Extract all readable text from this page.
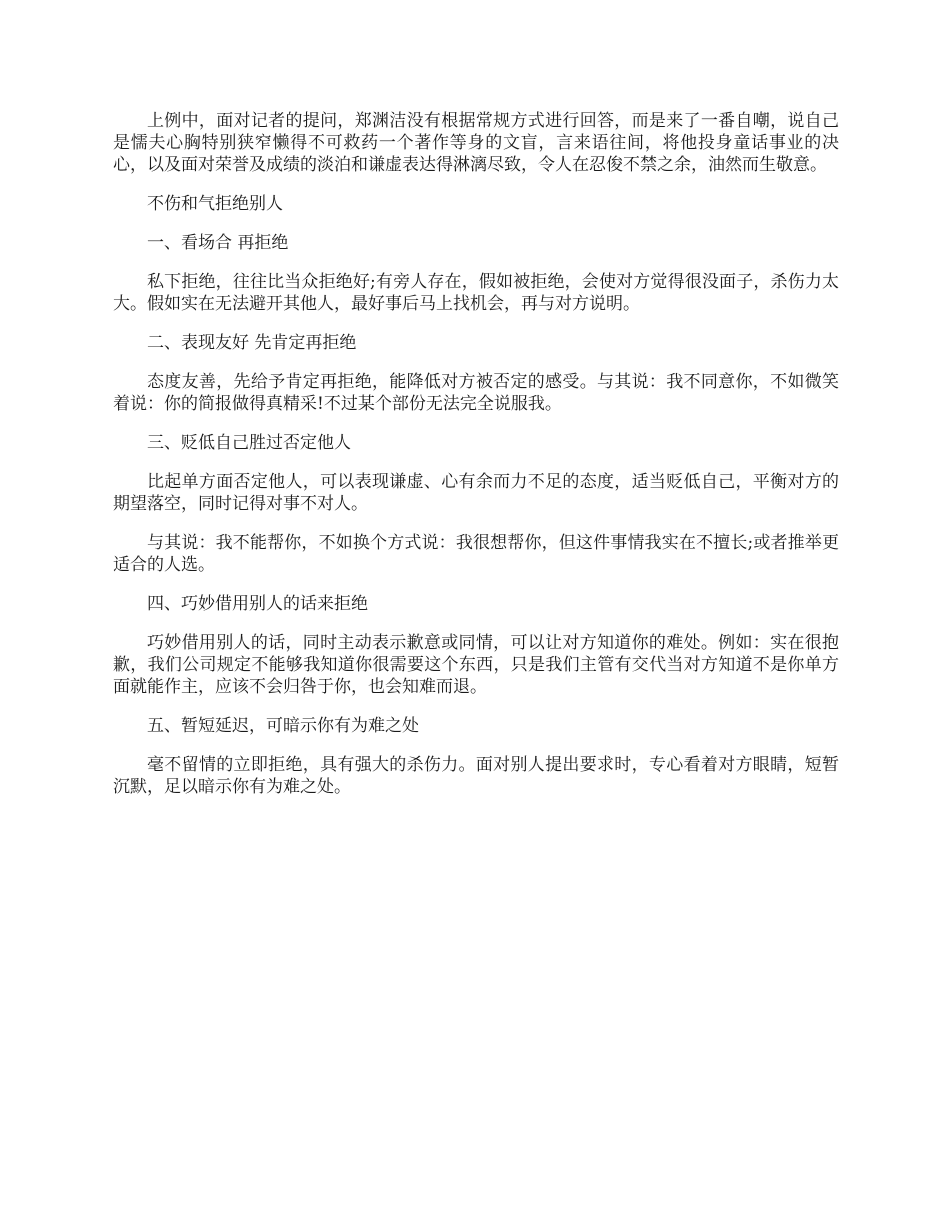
上例中，面对记者的提问，郑渊洁没有根据常规方式进行回答，而是来了一番自嘲，说自己是懦夫心胸特别狭窄懒得不可救药一个著作等身的文盲，言来语往间，将他投身童话事业的决心，以及面对荣誉及成绩的淡泊和谦虚表达得淋漓尽致，令人在忍俊不禁之余，油然而生敬意。

不伤和气拒绝别人

一、看场合 再拒绝

私下拒绝，往往比当众拒绝好;有旁人存在，假如被拒绝，会使对方觉得很没面子，杀伤力太大。假如实在无法避开其他人，最好事后马上找机会，再与对方说明。

二、表现友好 先肯定再拒绝

态度友善，先给予肯定再拒绝，能降低对方被否定的感受。与其说：我不同意你，不如微笑着说：你的简报做得真精采!不过某个部份无法完全说服我。

三、贬低自己胜过否定他人

比起单方面否定他人，可以表现谦虚、心有余而力不足的态度，适当贬低自己，平衡对方的期望落空，同时记得对事不对人。

与其说：我不能帮你，不如换个方式说：我很想帮你，但这件事情我实在不擅长;或者推举更适合的人选。

四、巧妙借用别人的话来拒绝

巧妙借用别人的话，同时主动表示歉意或同情，可以让对方知道你的难处。例如：实在很抱歉，我们公司规定不能够我知道你很需要这个东西，只是我们主管有交代当对方知道不是你单方面就能作主，应该不会归咎于你，也会知难而退。

五、暂短延迟，可暗示你有为难之处

毫不留情的立即拒绝，具有强大的杀伤力。面对别人提出要求时，专心看着对方眼睛，短暂沉默，足以暗示你有为难之处。
